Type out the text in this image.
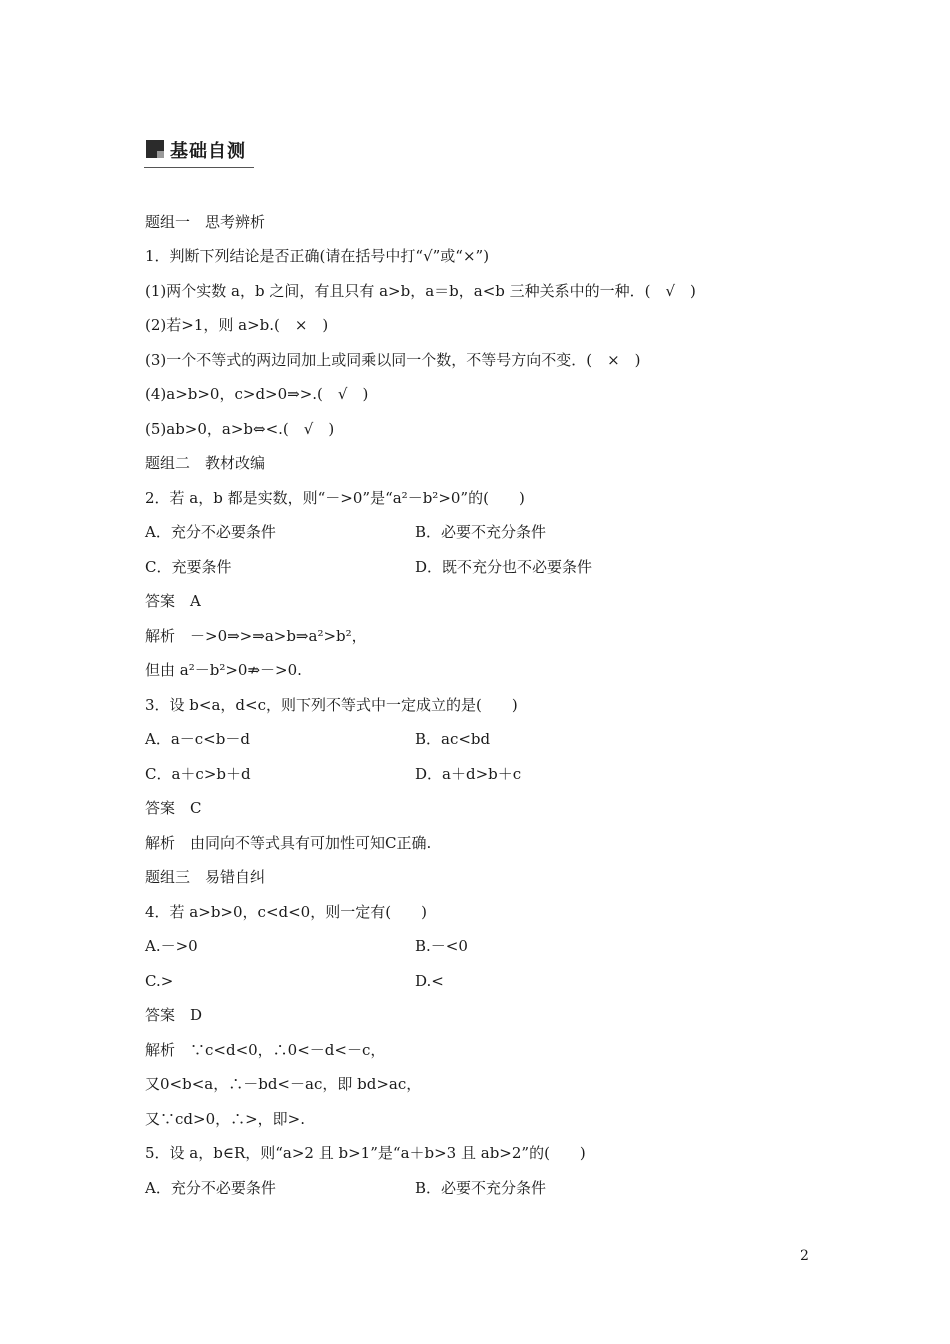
基础自测
题组一　思考辨析
1．判断下列结论是否正确(请在括号中打“√”或“×”)
(1)两个实数 a，b 之间，有且只有 a>b，a＝b，a<b 三种关系中的一种．(　√　)
(2)若>1，则 a>b.(　×　)
(3)一个不等式的两边同加上或同乘以同一个数，不等号方向不变．(　×　)
(4)a>b>0，c>d>0⇒>.(　√　)
(5)ab>0，a>b⇔<.(　√　)
题组二　教材改编
2．若 a，b 都是实数，则“－>0”是“a²－b²>0”的(　　)
A．充分不必要条件	B．必要不充分条件
C．充要条件	D．既不充分也不必要条件
答案　A
解析　－>0⇒>⇒a>b⇒a²>b²，
但由 a²－b²>0⇏－>0.
3．设 b<a，d<c，则下列不等式中一定成立的是(　　)
A．a－c<b－d	B．ac<bd
C．a＋c>b＋d	D．a＋d>b＋c
答案　C
解析　由同向不等式具有可加性可知C正确.
题组三　易错自纠
4．若 a>b>0，c<d<0，则一定有(　　)
A.－>0	B.－<0
C.>	D.<
答案　D
解析　∵c<d<0，∴0<－d<－c，
又0<b<a，∴－bd<－ac，即 bd>ac，
又∵cd>0，∴>，即>.
5．设 a，b∈R，则“a>2 且 b>1”是“a＋b>3 且 ab>2”的(　　)
A．充分不必要条件	B．必要不充分条件
2
